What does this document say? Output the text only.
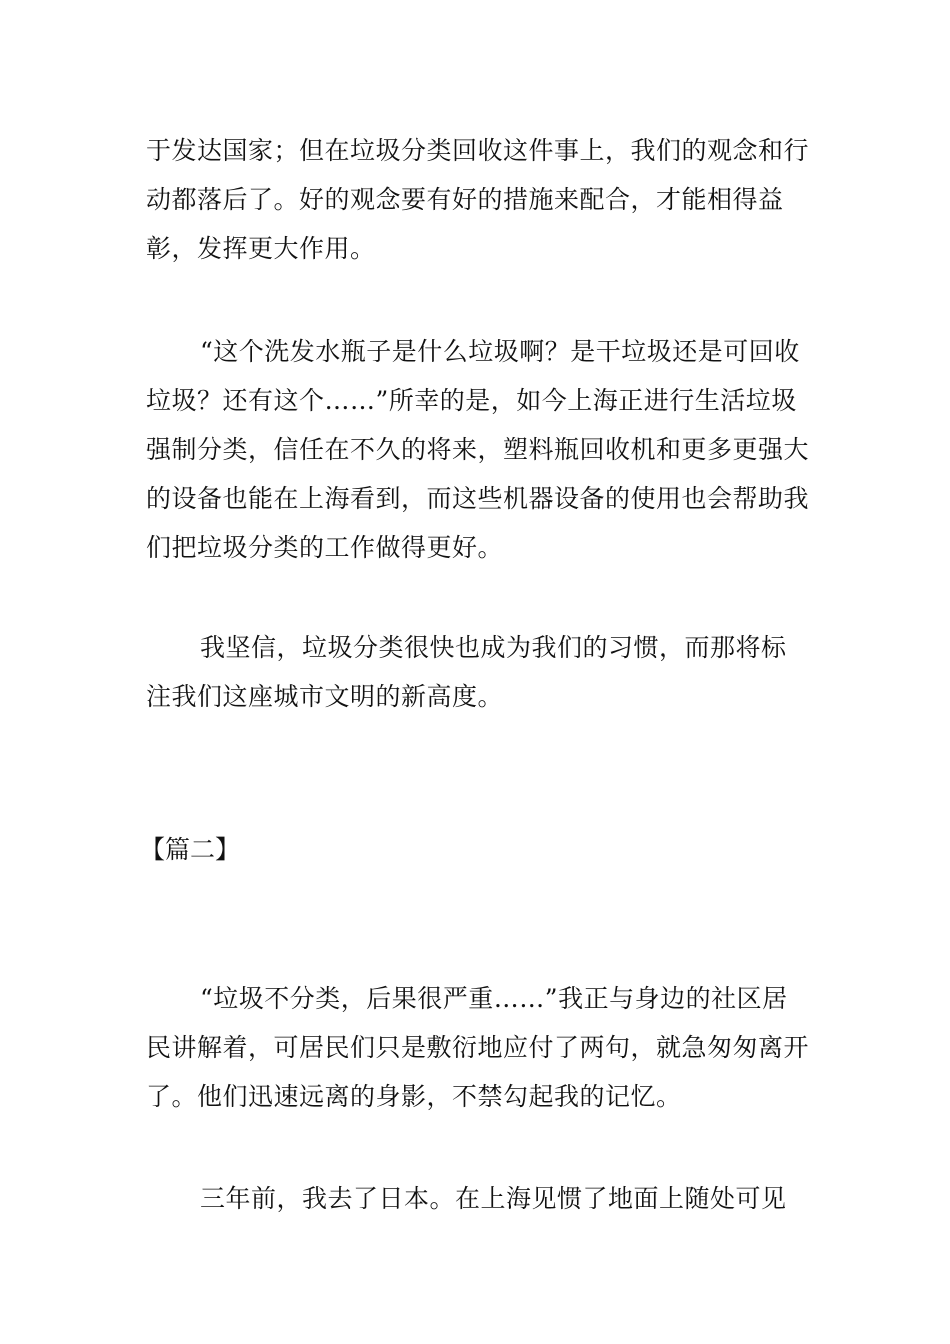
于发达国家；但在垃圾分类回收这件事上，我们的观念和行动都落后了。好的观念要有好的措施来配合，才能相得益彰，发挥更大作用。

“这个洗发水瓶子是什么垃圾啊？是干垃圾还是可回收垃圾？还有这个……”所幸的是，如今上海正进行生活垃圾强制分类，信任在不久的将来，塑料瓶回收机和更多更强大的设备也能在上海看到，而这些机器设备的使用也会帮助我们把垃圾分类的工作做得更好。

我坚信，垃圾分类很快也成为我们的习惯，而那将标注我们这座城市文明的新高度。

【篇二】

“垃圾不分类，后果很严重……”我正与身边的社区居民讲解着，可居民们只是敷衍地应付了两句，就急匆匆离开了。他们迅速远离的身影，不禁勾起我的记忆。

三年前，我去了日本。在上海见惯了地面上随处可见
